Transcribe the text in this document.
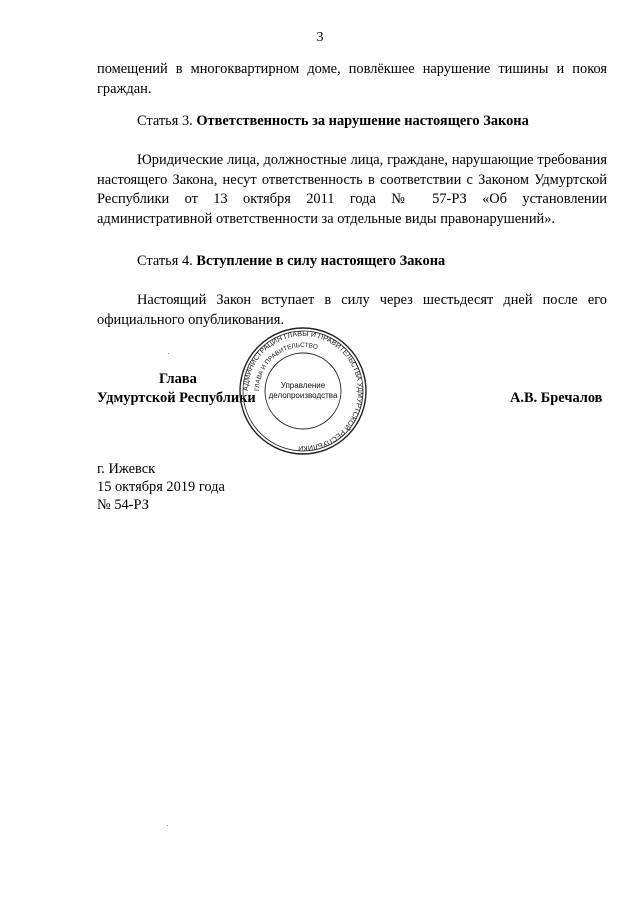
3

помещений в многоквартирном доме, повлёкшее нарушение тишины и покоя граждан.

Статья 3. Ответственность за нарушение настоящего Закона

Юридические лица, должностные лица, граждане, нарушающие требования настоящего Закона, несут ответственность в соответствии с Законом Удмуртской Республики от 13 октября 2011 года № 57-РЗ «Об установлении административной ответственности за отдельные виды правонарушений».

Статья 4. Вступление в силу настоящего Закона

Настоящий Закон вступает в силу через шестьдесят дней после его официального опубликования.

Глава
Удмуртской Республики	А.В. Бречалов
АДМИНИСТРАЦИЯ ГЛАВЫ И ПРАВИТЕЛЬСТВА УДМУРТСКОЙ РЕСПУБЛИКИ
ГЛАВА И ПРАВИТЕЛЬСТВО
Управление
делопроизводства
г. Ижевск
15 октября 2019 года
№ 54-РЗ
